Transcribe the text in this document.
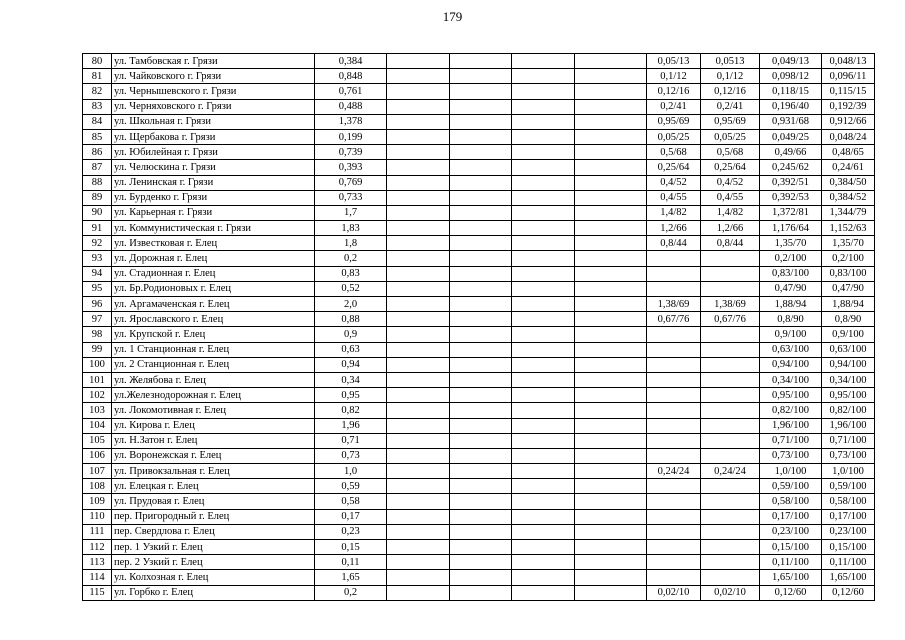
179
80	ул. Тамбовская г. Грязи	0,384					0,05/13	0,0513	0,049/13	0,048/13
81	ул. Чайковского г. Грязи	0,848					0,1/12	0,1/12	0,098/12	0,096/11
82	ул. Чернышевского г. Грязи	0,761					0,12/16	0,12/16	0,118/15	0,115/15
83	ул. Черняховского г. Грязи	0,488					0,2/41	0,2/41	0,196/40	0,192/39
84	ул. Школьная г. Грязи	1,378					0,95/69	0,95/69	0,931/68	0,912/66
85	ул. Щербакова г. Грязи	0,199					0,05/25	0,05/25	0,049/25	0,048/24
86	ул. Юбилейная г. Грязи	0,739					0,5/68	0,5/68	0,49/66	0,48/65
87	ул. Челюскина г. Грязи	0,393					0,25/64	0,25/64	0,245/62	0,24/61
88	ул. Ленинская г. Грязи	0,769					0,4/52	0,4/52	0,392/51	0,384/50
89	ул. Бурденко г. Грязи	0,733					0,4/55	0,4/55	0,392/53	0,384/52
90	ул. Карьерная г. Грязи	1,7					1,4/82	1,4/82	1,372/81	1,344/79
91	ул. Коммунистическая г. Грязи	1,83					1,2/66	1,2/66	1,176/64	1,152/63
92	ул. Известковая г. Елец	1,8					0,8/44	0,8/44	1,35/70	1,35/70
93	ул. Дорожная г. Елец	0,2							0,2/100	0,2/100
94	ул. Стадионная г. Елец	0,83							0,83/100	0,83/100
95	ул. Бр.Родионовых г. Елец	0,52							0,47/90	0,47/90
96	ул. Аргамаченская г. Елец	2,0					1,38/69	1,38/69	1,88/94	1,88/94
97	ул. Ярославского г. Елец	0,88					0,67/76	0,67/76	0,8/90	0,8/90
98	ул. Крупской г. Елец	0,9							0,9/100	0,9/100
99	ул. 1 Станционная г. Елец	0,63							0,63/100	0,63/100
100	ул. 2 Станционная г. Елец	0,94							0,94/100	0,94/100
101	ул. Желябова г. Елец	0,34							0,34/100	0,34/100
102	ул.Железнодорожная г. Елец	0,95							0,95/100	0,95/100
103	ул. Локомотивная г. Елец	0,82							0,82/100	0,82/100
104	ул. Кирова г. Елец	1,96							1,96/100	1,96/100
105	ул. Н.Затон г. Елец	0,71							0,71/100	0,71/100
106	ул. Воронежская г. Елец	0,73							0,73/100	0,73/100
107	ул. Привокзальная г. Елец	1,0					0,24/24	0,24/24	1,0/100	1,0/100
108	ул. Елецкая г. Елец	0,59							0,59/100	0,59/100
109	ул. Прудовая г. Елец	0,58							0,58/100	0,58/100
110	пер. Пригородный г. Елец	0,17							0,17/100	0,17/100
111	пер. Свердлова г. Елец	0,23							0,23/100	0,23/100
112	пер. 1 Узкий г. Елец	0,15							0,15/100	0,15/100
113	пер. 2 Узкий г. Елец	0,11							0,11/100	0,11/100
114	ул. Колхозная г. Елец	1,65							1,65/100	1,65/100
115	ул. Горбко г. Елец	0,2					0,02/10	0,02/10	0,12/60	0,12/60
